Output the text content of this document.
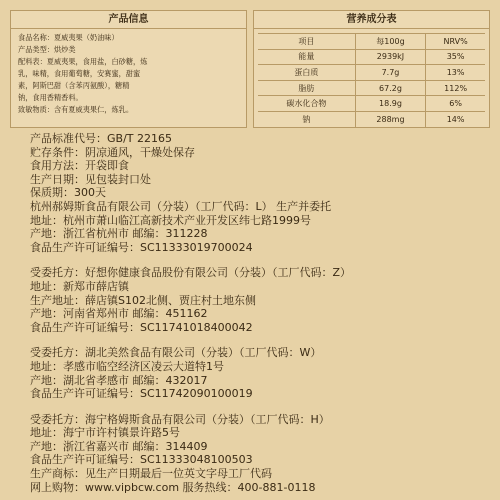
产品信息
食品名称：夏威夷果（奶油味）
产品类型：烘炒类
配料表：夏威夷果，食用盐，白砂糖，炼
乳，味精，食用葡萄糖，安赛蜜，甜蜜
素，阿斯巴甜（含苯丙氨酸），糖精
钠，食用香精香料。
致敏物质：含有夏威夷果仁，炼乳。
营养成分表
项目	每100g	NRV%
能量	2939kJ	35%
蛋白质	7.7g	13%
脂肪	67.2g	112%
碳水化合物	18.9g	6%
钠	288mg	14%
产品标准代号：GB/T 22165
贮存条件：阴凉通风，干燥处保存
食用方法：开袋即食
生产日期：见包装封口处
保质期：300天
杭州郝姆斯食品有限公司（分装）（工厂代码：L） 生产并委托
地址：杭州市萧山临江高新技术产业开发区纬七路1999号
产地：浙江省杭州市 邮编：311228
食品生产许可证编号：SC11333019700024
受委托方：好想你健康食品股份有限公司（分装）（工厂代码：Z）
地址：新郑市薛店镇
生产地址：薛店镇S102北侧、贾庄村土地东侧
产地：河南省郑州市 邮编：451162
食品生产许可证编号：SC11741018400042
受委托方：湖北美然食品有限公司（分装）（工厂代码：W）
地址：孝感市临空经济区凌云大道特1号
产地：湖北省孝感市 邮编：432017
食品生产许可证编号：SC11742090100019
受委托方：海宁格姆斯食品有限公司（分装）（工厂代码：H）
地址：海宁市许村镇景许路5号
产地：浙江省嘉兴市 邮编：314409
食品生产许可证编号：SC11333048100503
生产商标：见生产日期最后一位英文字母工厂代码
网上购物：www.vipbcw.com 服务热线：400-881-0118
